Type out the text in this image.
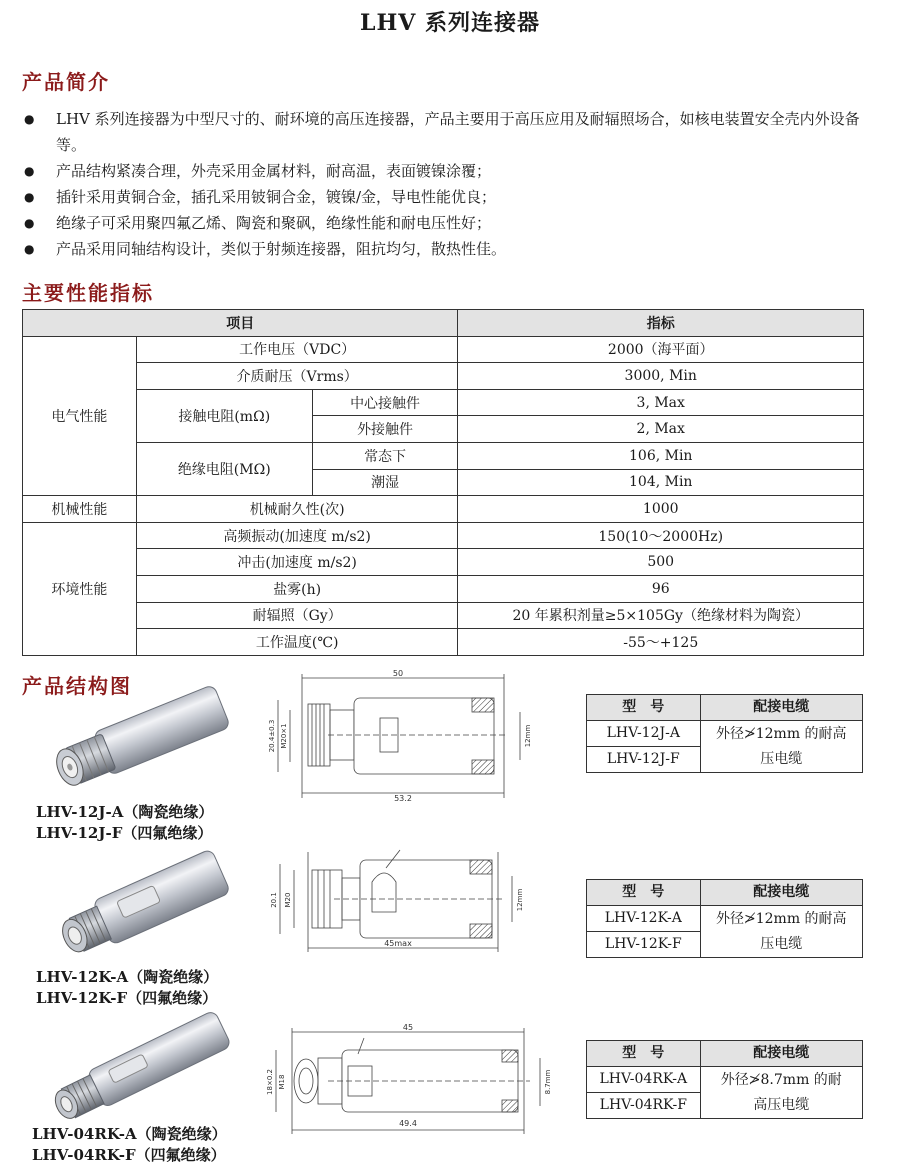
LHV 系列连接器
产品简介
● LHV 系列连接器为中型尺寸的、耐环境的高压连接器，产品主要用于高压应用及耐辐照场合，如核电装置安全壳内外设备等。
● 产品结构紧凑合理，外壳采用金属材料，耐高温，表面镀镍涂覆；
● 插针采用黄铜合金，插孔采用铍铜合金，镀镍/金，导电性能优良；
● 绝缘子可采用聚四氟乙烯、陶瓷和聚砜，绝缘性能和耐电压性好；
● 产品采用同轴结构设计，类似于射频连接器，阻抗均匀，散热性佳。
主要性能指标
项目			指标
电气性能	工作电压（VDC）		2000（海平面）
	介质耐压（Vrms）		3000, Min
	接触电阻(mΩ)	中心接触件	3, Max
		外接触件	2, Max
	绝缘电阻(MΩ)	常态下	106, Min
		潮湿	104, Min
机械性能	机械耐久性(次)		1000
环境性能	高频振动(加速度 m/s2)		150(10～2000Hz)
	冲击(加速度 m/s2)		500
	盐雾(h)		96
	耐辐照（Gy）		20 年累积剂量≥5×105Gy（绝缘材料为陶瓷）
	工作温度(℃)		-55～+125
产品结构图
LHV-12J-A（陶瓷绝缘）
LHV-12J-F（四氟绝缘）
50
53.2
20.4±0.3 M20×1	12mm
型　号	配接电缆
LHV-12J-A	外径≯12mm 的耐高
压电缆

LHV-12J-F	
LHV-12K-A（陶瓷绝缘）
LHV-12K-F（四氟绝缘）
45max
20.1 M20	12mm	型　号	配接电缆
LHV-12K-A	外径≯12mm 的耐高
压电缆

LHV-12K-F	
LHV-04RK-A（陶瓷绝缘）
LHV-04RK-F（四氟绝缘）
45
49.4
18×0.2 M18	8.7mm
型　号	配接电缆
LHV-04RK-A	外径≯8.7mm 的耐
高压电缆

LHV-04RK-F	
